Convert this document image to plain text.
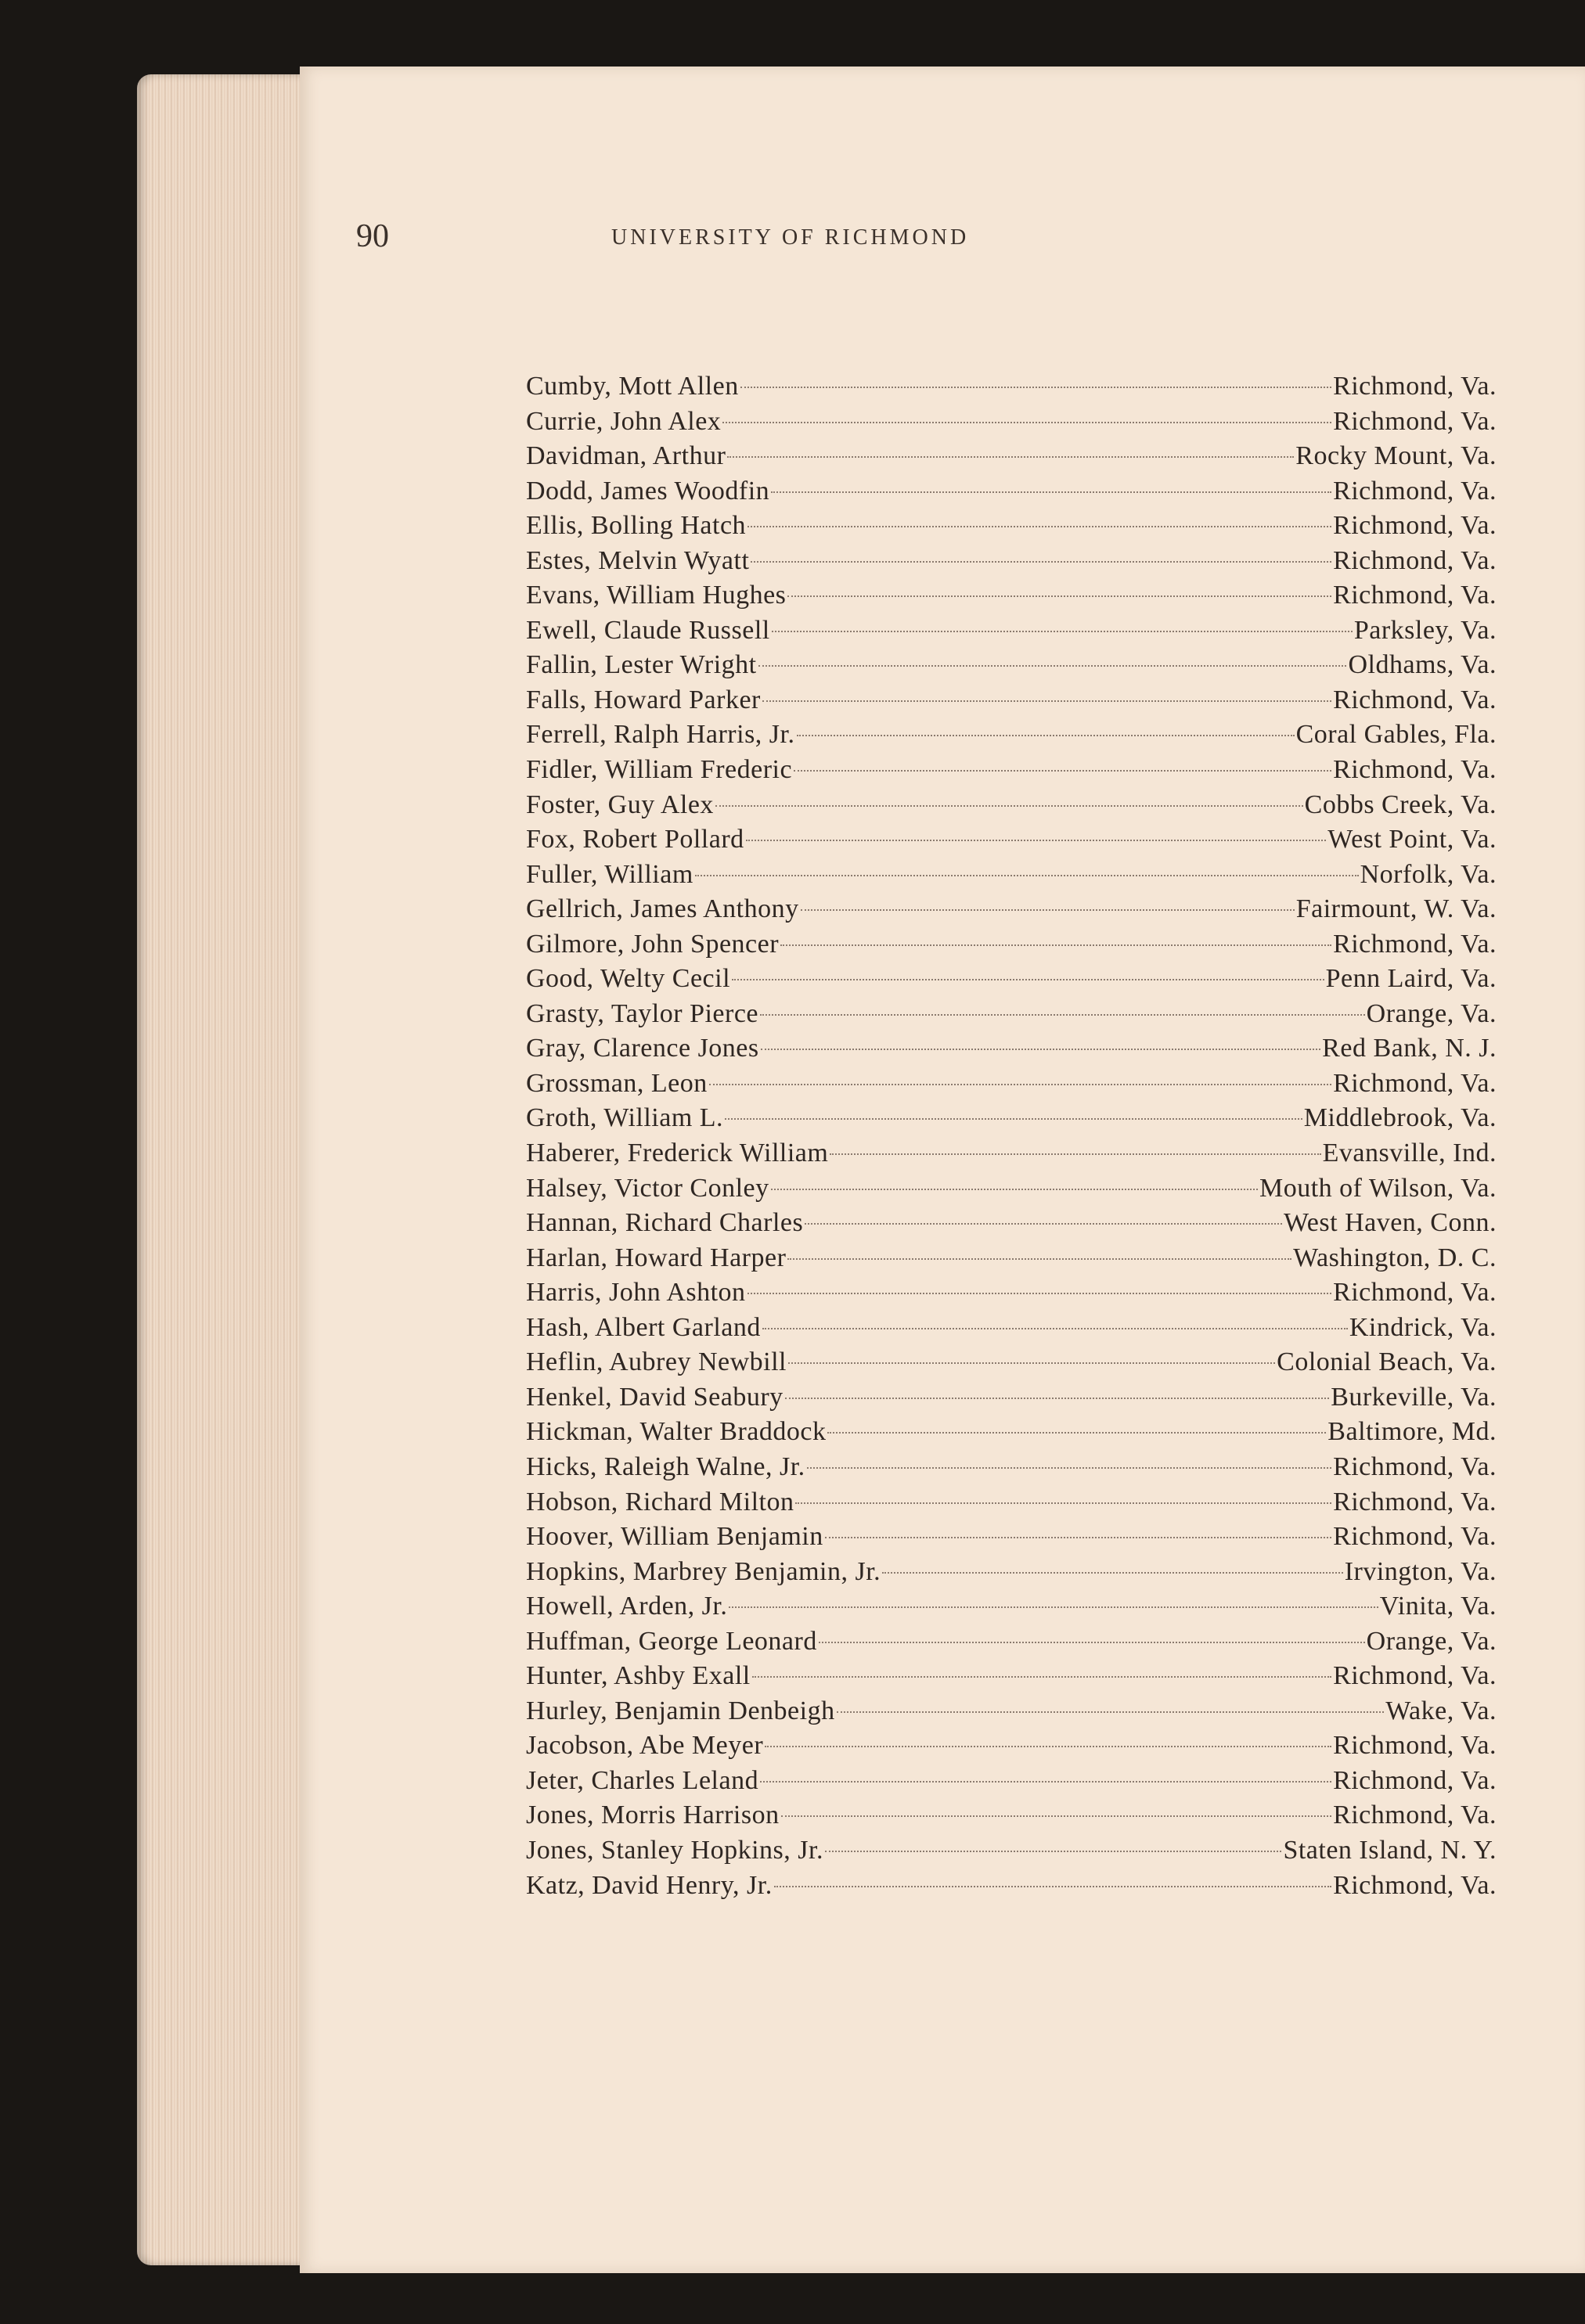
90	UNIVERSITY OF RICHMOND
Cumby, Mott Allen	Richmond, Va.
Currie, John Alex	Richmond, Va.
Davidman, Arthur	Rocky Mount, Va.
Dodd, James Woodfin	Richmond, Va.
Ellis, Bolling Hatch	Richmond, Va.
Estes, Melvin Wyatt	Richmond, Va.
Evans, William Hughes	Richmond, Va.
Ewell, Claude Russell	Parksley, Va.
Fallin, Lester Wright	Oldhams, Va.
Falls, Howard Parker	Richmond, Va.
Ferrell, Ralph Harris, Jr.	Coral Gables, Fla.
Fidler, William Frederic	Richmond, Va.
Foster, Guy Alex	Cobbs Creek, Va.
Fox, Robert Pollard	West Point, Va.
Fuller, William	Norfolk, Va.
Gellrich, James Anthony	Fairmount, W. Va.
Gilmore, John Spencer	Richmond, Va.
Good, Welty Cecil	Penn Laird, Va.
Grasty, Taylor Pierce	Orange, Va.
Gray, Clarence Jones	Red Bank, N. J.
Grossman, Leon	Richmond, Va.
Groth, William L.	Middlebrook, Va.
Haberer, Frederick William	Evansville, Ind.
Halsey, Victor Conley	Mouth of Wilson, Va.
Hannan, Richard Charles	West Haven, Conn.
Harlan, Howard Harper	Washington, D. C.
Harris, John Ashton	Richmond, Va.
Hash, Albert Garland	Kindrick, Va.
Heflin, Aubrey Newbill	Colonial Beach, Va.
Henkel, David Seabury	Burkeville, Va.
Hickman, Walter Braddock	Baltimore, Md.
Hicks, Raleigh Walne, Jr.	Richmond, Va.
Hobson, Richard Milton	Richmond, Va.
Hoover, William Benjamin	Richmond, Va.
Hopkins, Marbrey Benjamin, Jr.	Irvington, Va.
Howell, Arden, Jr.	Vinita, Va.
Huffman, George Leonard	Orange, Va.
Hunter, Ashby Exall	Richmond, Va.
Hurley, Benjamin Denbeigh	Wake, Va.
Jacobson, Abe Meyer	Richmond, Va.
Jeter, Charles Leland	Richmond, Va.
Jones, Morris Harrison	Richmond, Va.
Jones, Stanley Hopkins, Jr.	Staten Island, N. Y.
Katz, David Henry, Jr.	Richmond, Va.
